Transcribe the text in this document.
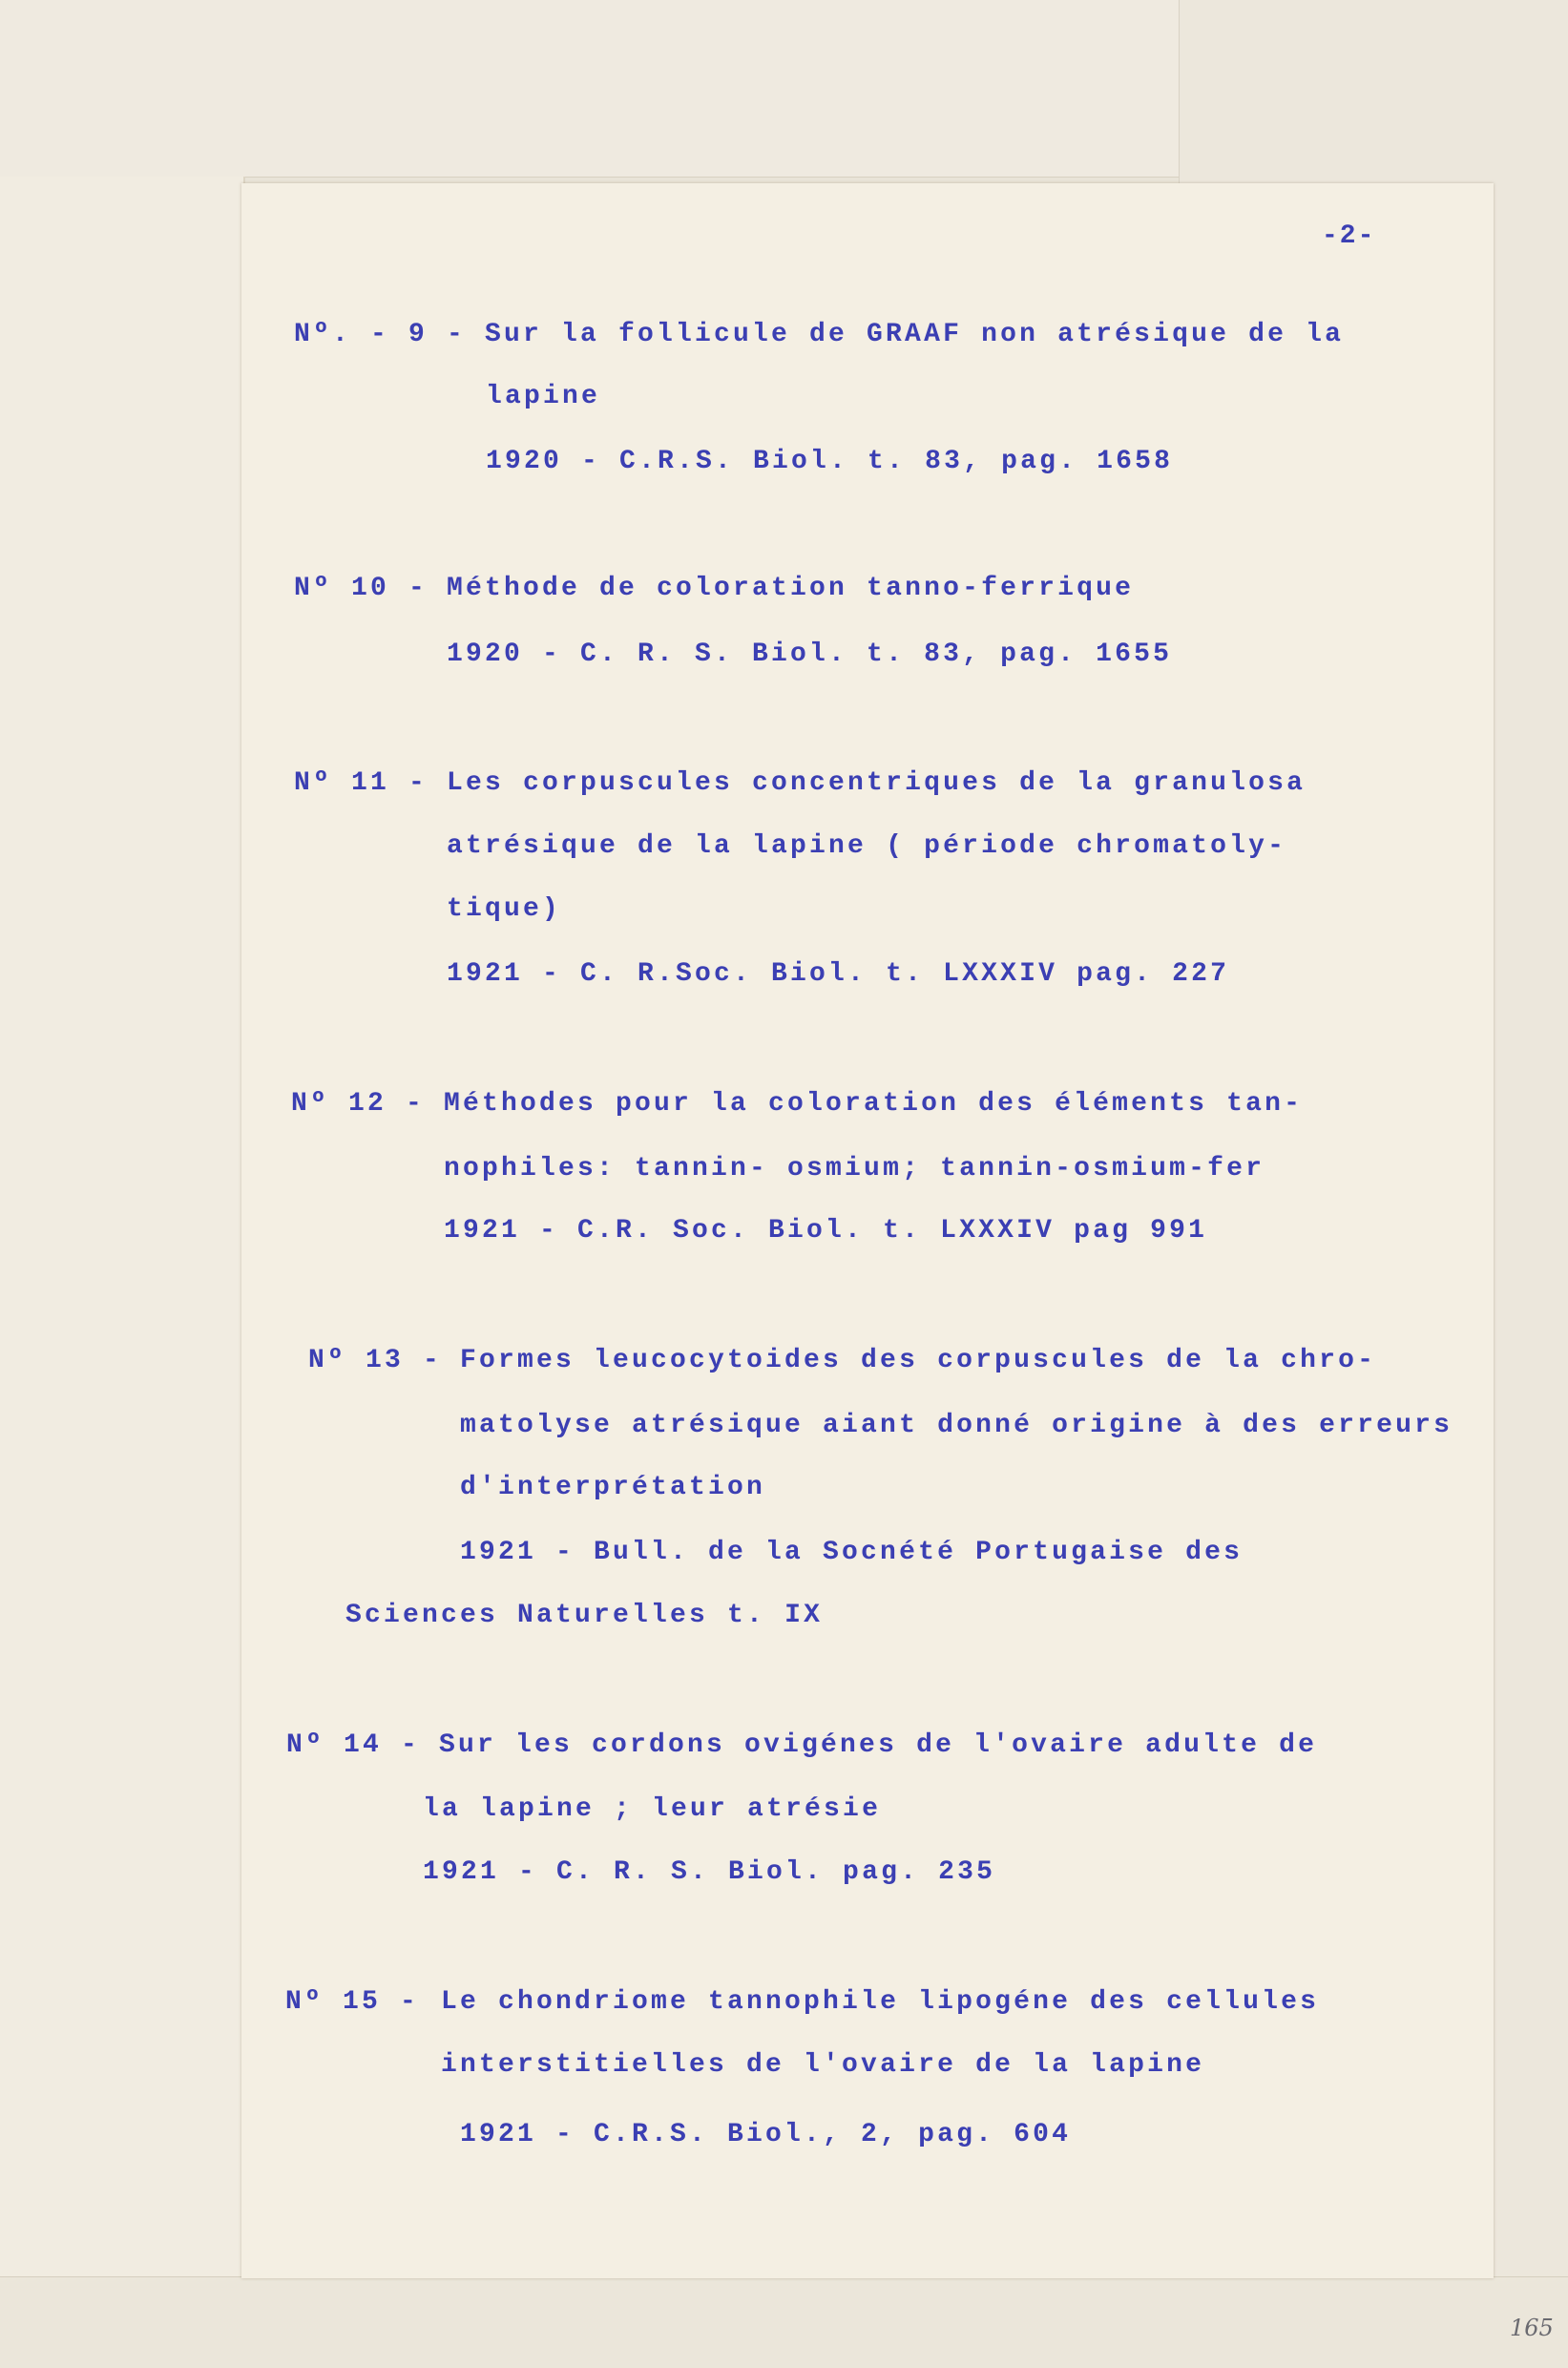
-2-
Nº. - 9 - Sur la follicule de GRAAF non atrésique de la
lapine
1920 - C.R.S. Biol. t. 83, pag. 1658
Nº 10 - Méthode de coloration tanno-ferrique
1920 - C. R. S. Biol. t. 83, pag. 1655
Nº 11 - Les corpuscules concentriques de la granulosa
atrésique de la lapine ( période chromatoly-
tique)
1921 - C. R.Soc. Biol. t. LXXXIV pag. 227
Nº 12 - Méthodes pour la coloration des éléments tan-
nophiles: tannin- osmium; tannin-osmium-fer
1921 - C.R. Soc. Biol. t. LXXXIV pag 991
Nº 13 - Formes leucocytoides des corpuscules de la chro-
matolyse atrésique aiant donné origine à des erreurs
d'interprétation
1921 - Bull. de la Socnété Portugaise des
Sciences Naturelles t. IX
Nº 14 - Sur les cordons ovigénes de l'ovaire adulte de
la lapine ; leur atrésie
1921 - C. R. S. Biol. pag. 235
Nº 15 - Le chondriome tannophile lipogéne des cellules
interstitielles de l'ovaire de la lapine
1921 - C.R.S. Biol., 2, pag. 604
165
